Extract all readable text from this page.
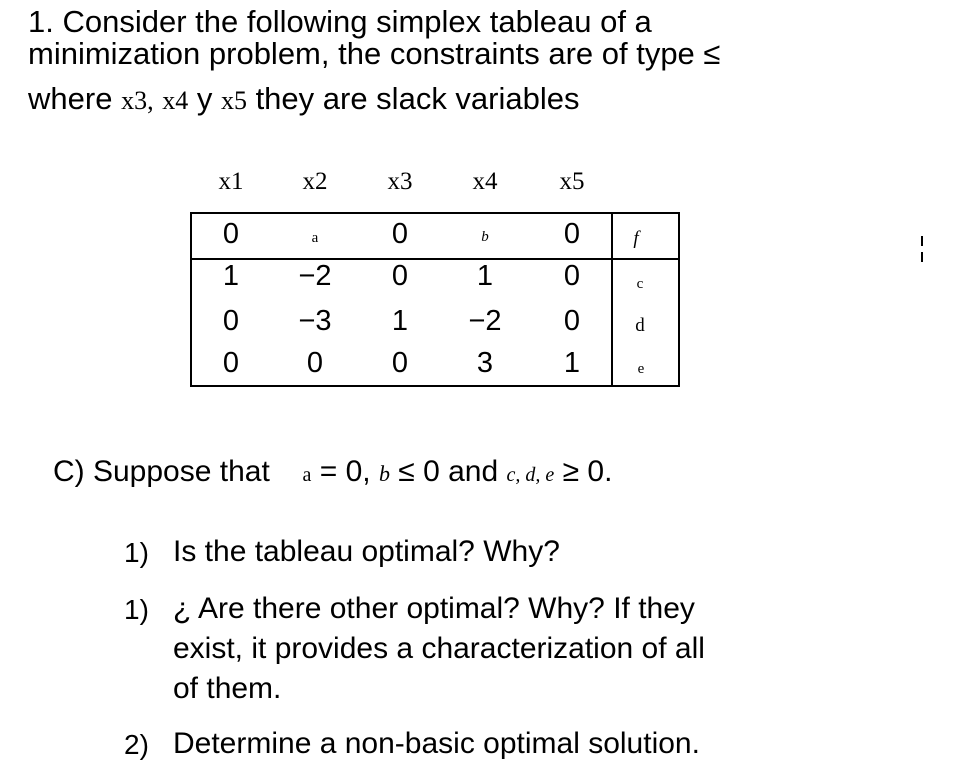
1. Consider the following simplex tableau of a
minimization problem, the constraints are of type ≤
where x3, x4 y x5 they are slack variables
x1 x2 x3 x4 x5
0	a	0	b	0	f
1 −2 0 1 0	c
0 −3 1 −2 0	d
0 0 0 3 1	e
C) Suppose that a = 0, b ≤ 0 and c, d, e ≥ 0.
1) Is the tableau optimal? Why?
1) ¿ Are there other optimal? Why? If they
exist, it provides a characterization of all
of them.
2) Determine a non-basic optimal solution.
